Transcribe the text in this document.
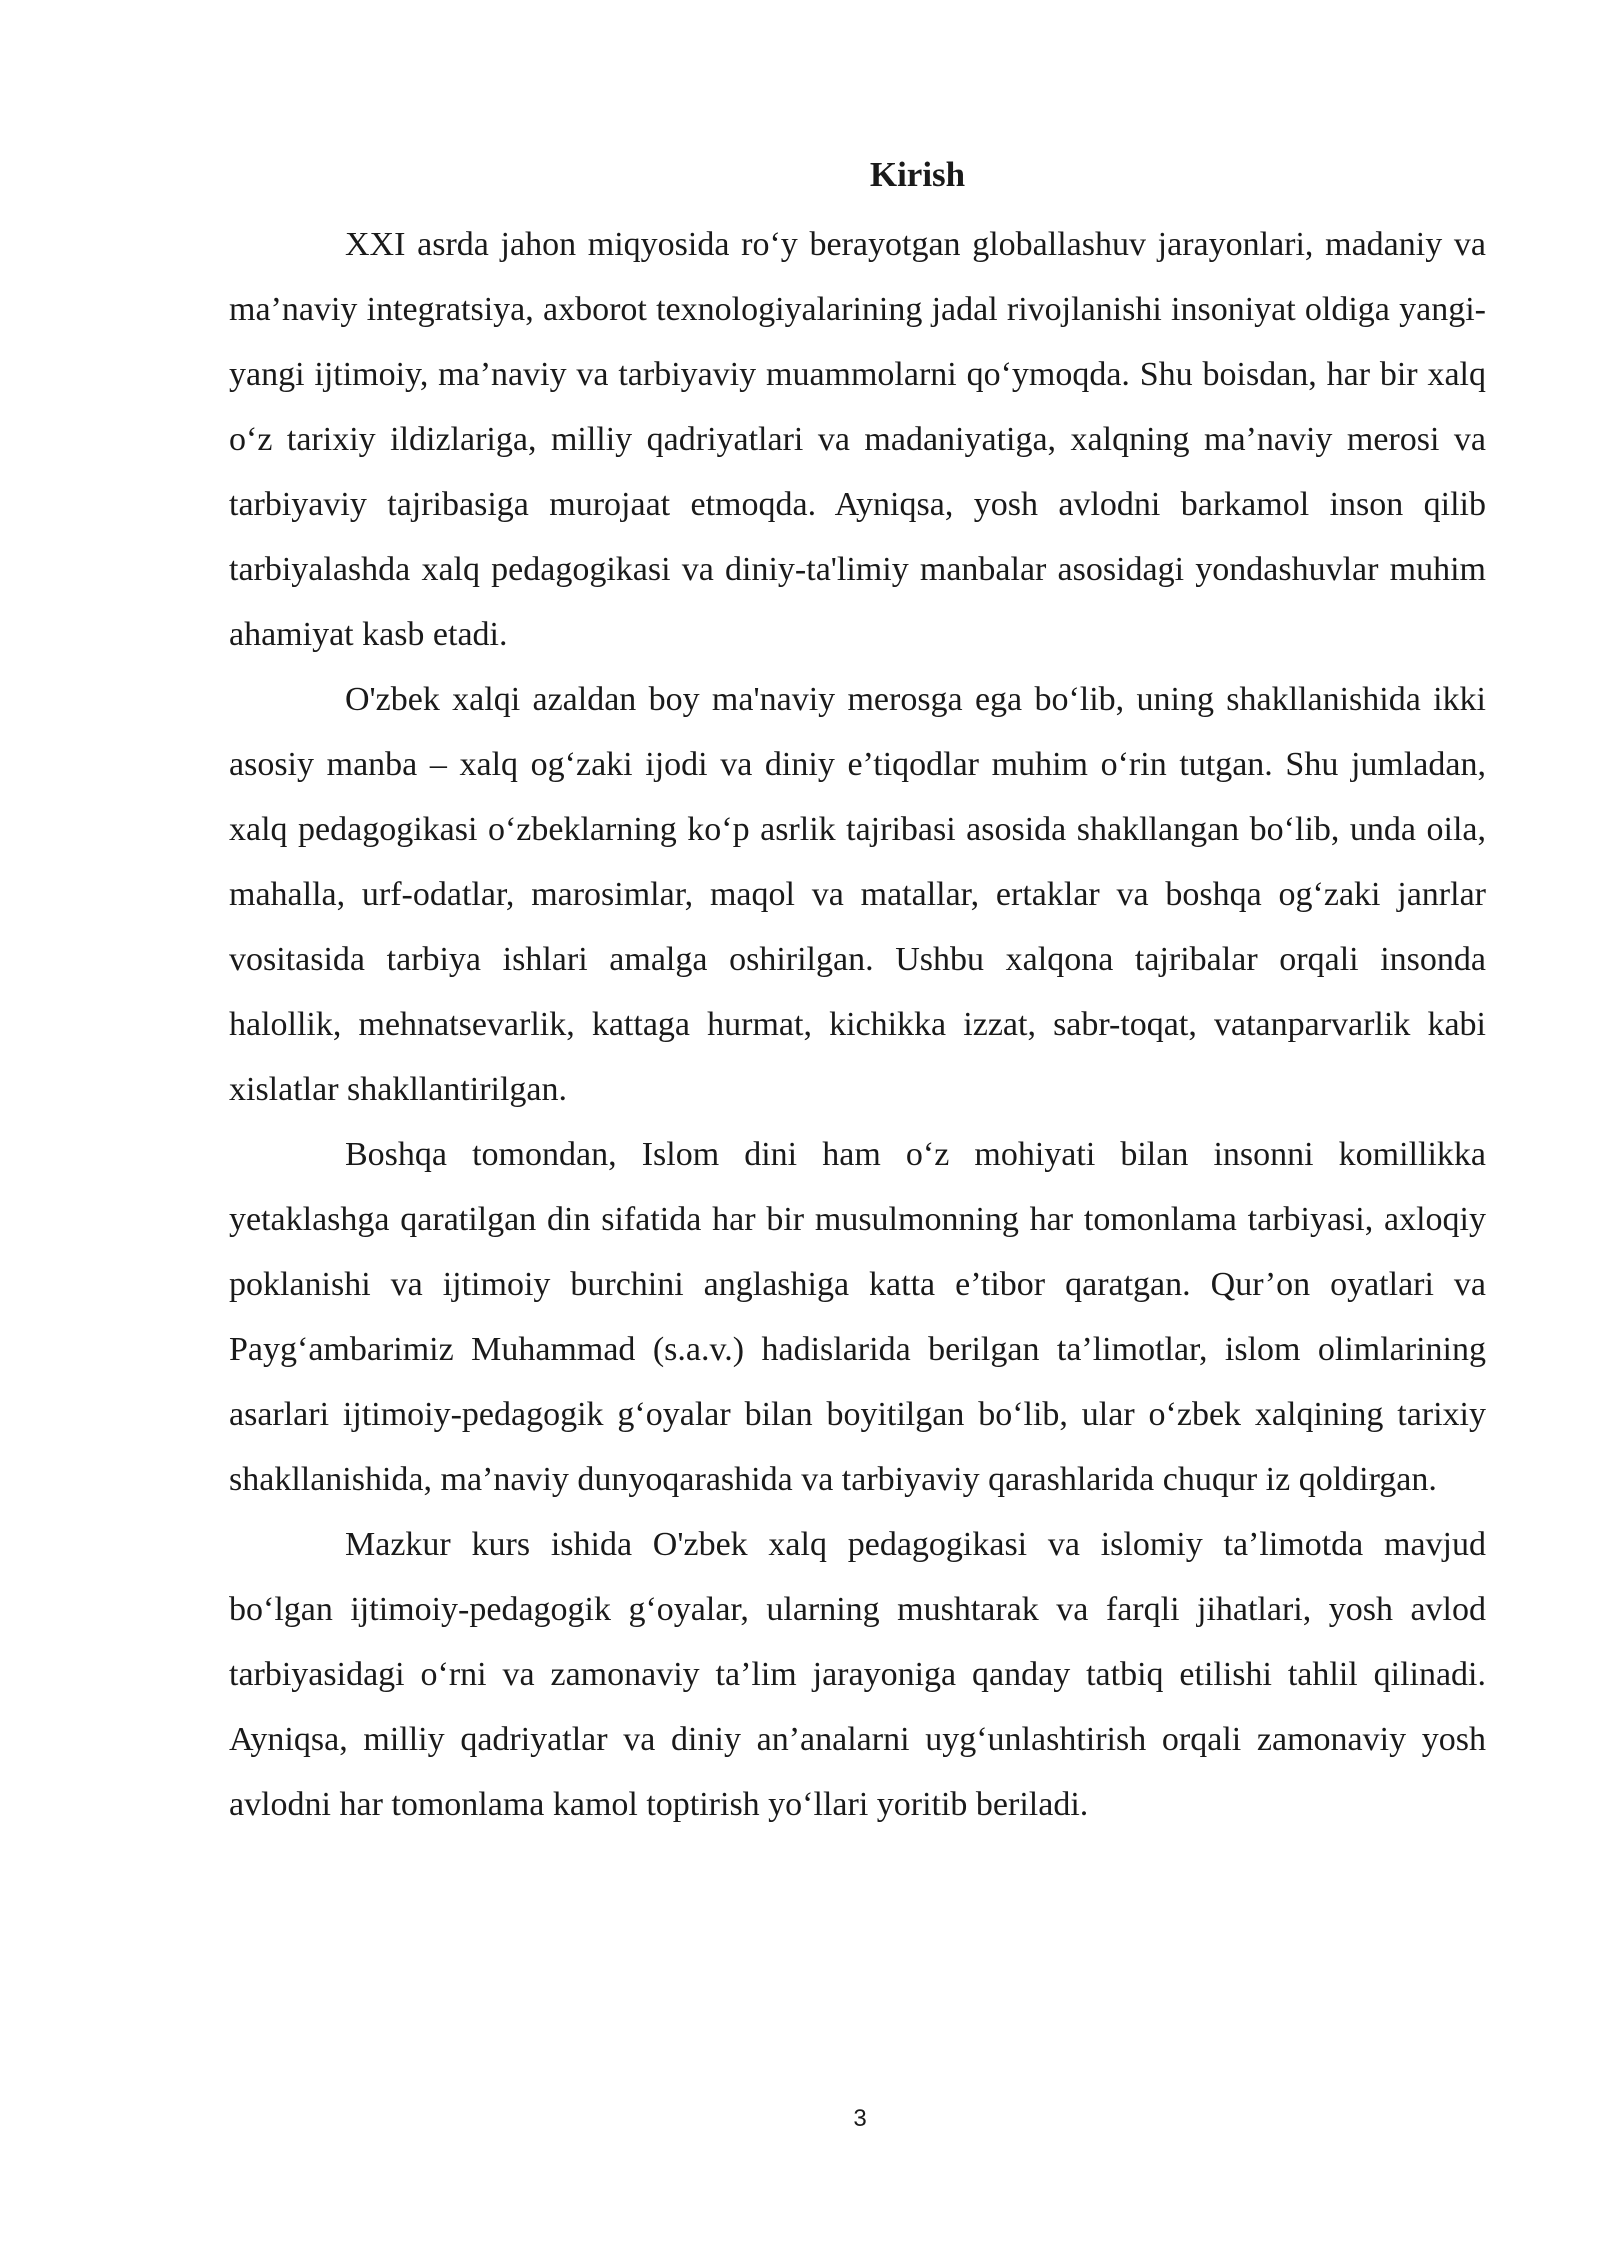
Kirish

XXI asrda jahon miqyosida ro‘y berayotgan globallashuv jarayonlari, madaniy va ma’naviy integratsiya, axborot texnologiyalarining jadal rivojlanishi insoniyat oldiga yangi-yangi ijtimoiy, ma’naviy va tarbiyaviy muammolarni qo‘ymoqda. Shu boisdan, har bir xalq o‘z tarixiy ildizlariga, milliy qadriyatlari va madaniyatiga, xalqning ma’naviy merosi va tarbiyaviy tajribasiga murojaat etmoqda. Ayniqsa, yosh avlodni barkamol inson qilib tarbiyalashda xalq pedagogikasi va diniy-ta'limiy manbalar asosidagi yondashuvlar muhim ahamiyat kasb etadi.

O'zbek xalqi azaldan boy ma'naviy merosga ega bo‘lib, uning shakllanishida ikki asosiy manba – xalq og‘zaki ijodi va diniy e’tiqodlar muhim o‘rin tutgan. Shu jumladan, xalq pedagogikasi o‘zbeklarning ko‘p asrlik tajribasi asosida shakllangan bo‘lib, unda oila, mahalla, urf-odatlar, marosimlar, maqol va matallar, ertaklar va boshqa og‘zaki janrlar vositasida tarbiya ishlari amalga oshirilgan. Ushbu xalqona tajribalar orqali insonda halollik, mehnatsevarlik, kattaga hurmat, kichikka izzat, sabr-toqat, vatanparvarlik kabi xislatlar shakllantirilgan.

Boshqa tomondan, Islom dini ham o‘z mohiyati bilan insonni komillikka yetaklashga qaratilgan din sifatida har bir musulmonning har tomonlama tarbiyasi, axloqiy poklanishi va ijtimoiy burchini anglashiga katta e’tibor qaratgan. Qur’on oyatlari va Payg‘ambarimiz Muhammad (s.a.v.) hadislarida berilgan ta’limotlar, islom olimlarining asarlari ijtimoiy-pedagogik g‘oyalar bilan boyitilgan bo‘lib, ular o‘zbek xalqining tarixiy shakllanishida, ma’naviy dunyoqarashida va tarbiyaviy qarashlarida chuqur iz qoldirgan.

Mazkur kurs ishida O'zbek xalq pedagogikasi va islomiy ta’limotda mavjud bo‘lgan ijtimoiy-pedagogik g‘oyalar, ularning mushtarak va farqli jihatlari, yosh avlod tarbiyasidagi o‘rni va zamonaviy ta’lim jarayoniga qanday tatbiq etilishi tahlil qilinadi. Ayniqsa, milliy qadriyatlar va diniy an’analarni uyg‘unlashtirish orqali zamonaviy yosh avlodni har tomonlama kamol toptirish yo‘llari yoritib beriladi.

3
